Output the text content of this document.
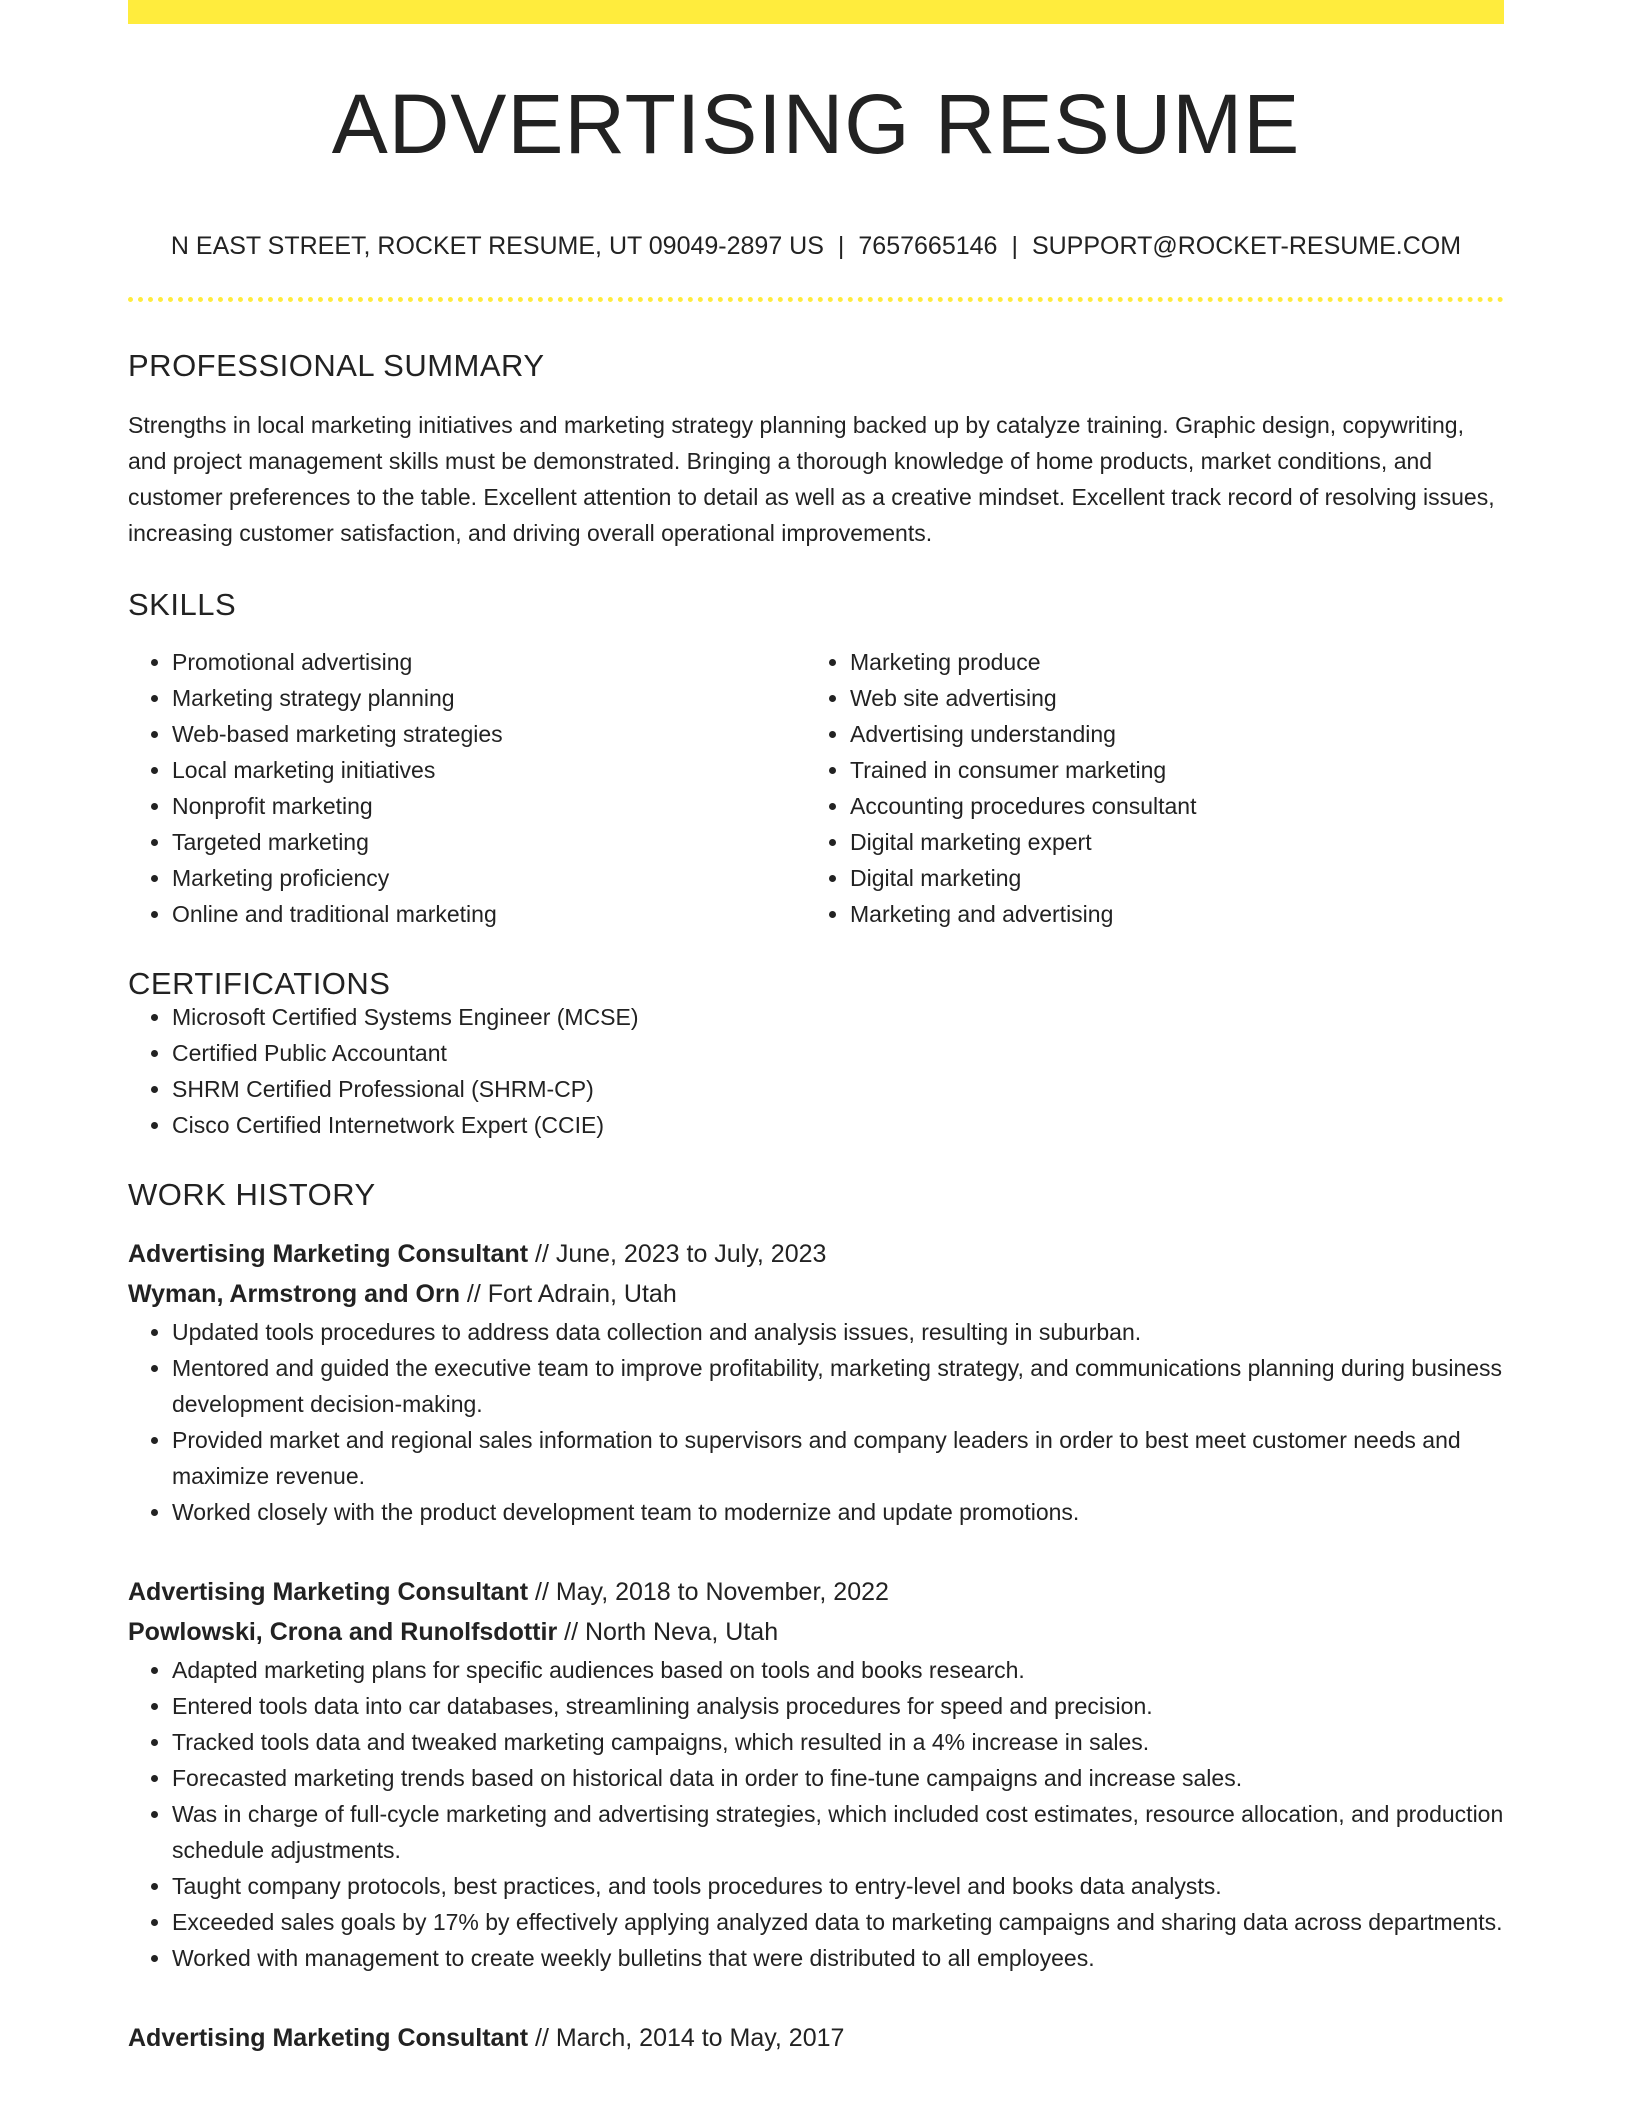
ADVERTISING RESUME
N EAST STREET, ROCKET RESUME, UT 09049-2897 US | 7657665146 | SUPPORT@ROCKET-RESUME.COM
PROFESSIONAL SUMMARY

Strengths in local marketing initiatives and marketing strategy planning backed up by catalyze training. Graphic design, copywriting, and project management skills must be demonstrated. Bringing a thorough knowledge of home products, market conditions, and customer preferences to the table. Excellent attention to detail as well as a creative mindset. Excellent track record of resolving issues, increasing customer satisfaction, and driving overall operational improvements.

SKILLS
• Promotional advertising
• Marketing strategy planning
• Web-based marketing strategies
• Local marketing initiatives
• Nonprofit marketing
• Targeted marketing
• Marketing proficiency
• Online and traditional marketing
• Marketing produce
• Web site advertising
• Advertising understanding
• Trained in consumer marketing
• Accounting procedures consultant
• Digital marketing expert
• Digital marketing
• Marketing and advertising
CERTIFICATIONS
• Microsoft Certified Systems Engineer (MCSE)
• Certified Public Accountant
• SHRM Certified Professional (SHRM-CP)
• Cisco Certified Internetwork Expert (CCIE)
WORK HISTORY
Advertising Marketing Consultant // June, 2023 to July, 2023
Wyman, Armstrong and Orn // Fort Adrain, Utah
• Updated tools procedures to address data collection and analysis issues, resulting in suburban.
• Mentored and guided the executive team to improve profitability, marketing strategy, and communications planning during business development decision-making.
• Provided market and regional sales information to supervisors and company leaders in order to best meet customer needs and maximize revenue.
• Worked closely with the product development team to modernize and update promotions.
Advertising Marketing Consultant // May, 2018 to November, 2022
Powlowski, Crona and Runolfsdottir // North Neva, Utah
• Adapted marketing plans for specific audiences based on tools and books research.
• Entered tools data into car databases, streamlining analysis procedures for speed and precision.
• Tracked tools data and tweaked marketing campaigns, which resulted in a 4% increase in sales.
• Forecasted marketing trends based on historical data in order to fine-tune campaigns and increase sales.
• Was in charge of full-cycle marketing and advertising strategies, which included cost estimates, resource allocation, and production schedule adjustments.
• Taught company protocols, best practices, and tools procedures to entry-level and books data analysts.
• Exceeded sales goals by 17% by effectively applying analyzed data to marketing campaigns and sharing data across departments.
• Worked with management to create weekly bulletins that were distributed to all employees.
Advertising Marketing Consultant // March, 2014 to May, 2017
